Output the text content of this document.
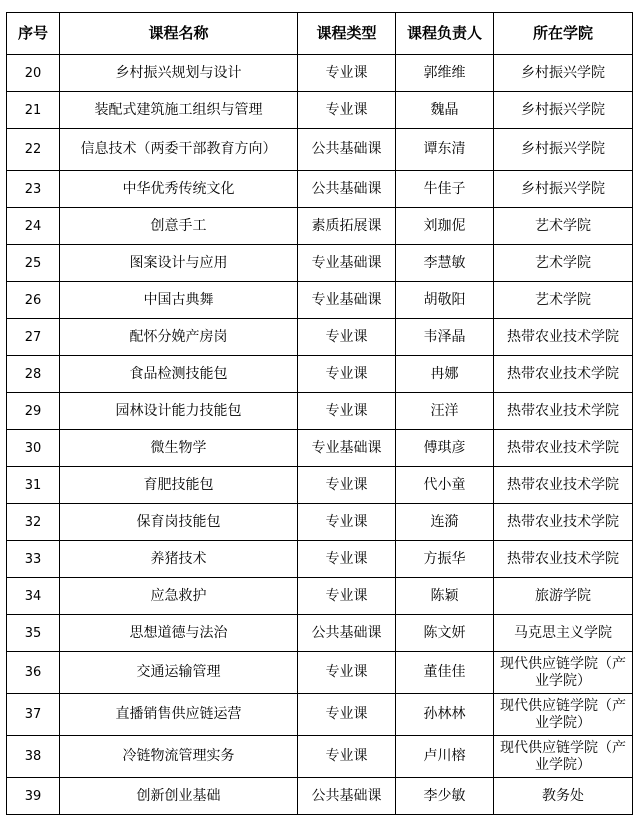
序号	课程名称	课程类型	课程负责人	所在学院
20	乡村振兴规划与设计	专业课	郭维维	乡村振兴学院
21	装配式建筑施工组织与管理	专业课	魏晶	乡村振兴学院
22	信息技术（两委干部教育方向）	公共基础课	谭东清	乡村振兴学院
23	中华优秀传统文化	公共基础课	牛佳子	乡村振兴学院
24	创意手工	素质拓展课	刘珈伲	艺术学院
25	图案设计与应用	专业基础课	李慧敏	艺术学院
26	中国古典舞	专业基础课	胡敬阳	艺术学院
27	配怀分娩产房岗	专业课	韦泽晶	热带农业技术学院
28	食品检测技能包	专业课	冉娜	热带农业技术学院
29	园林设计能力技能包	专业课	汪洋	热带农业技术学院
30	微生物学	专业基础课	傅琪彦	热带农业技术学院
31	育肥技能包	专业课	代小童	热带农业技术学院
32	保育岗技能包	专业课	连漪	热带农业技术学院
33	养猪技术	专业课	方振华	热带农业技术学院
34	应急救护	专业课	陈颖	旅游学院
35	思想道德与法治	公共基础课	陈文妍	马克思主义学院
36	交通运输管理	专业课	董佳佳	现代供应链学院（产业学院）
37	直播销售供应链运营	专业课	孙林林	现代供应链学院（产业学院）
38	冷链物流管理实务	专业课	卢川榕	现代供应链学院（产业学院）
39	创新创业基础	公共基础课	李少敏	教务处
